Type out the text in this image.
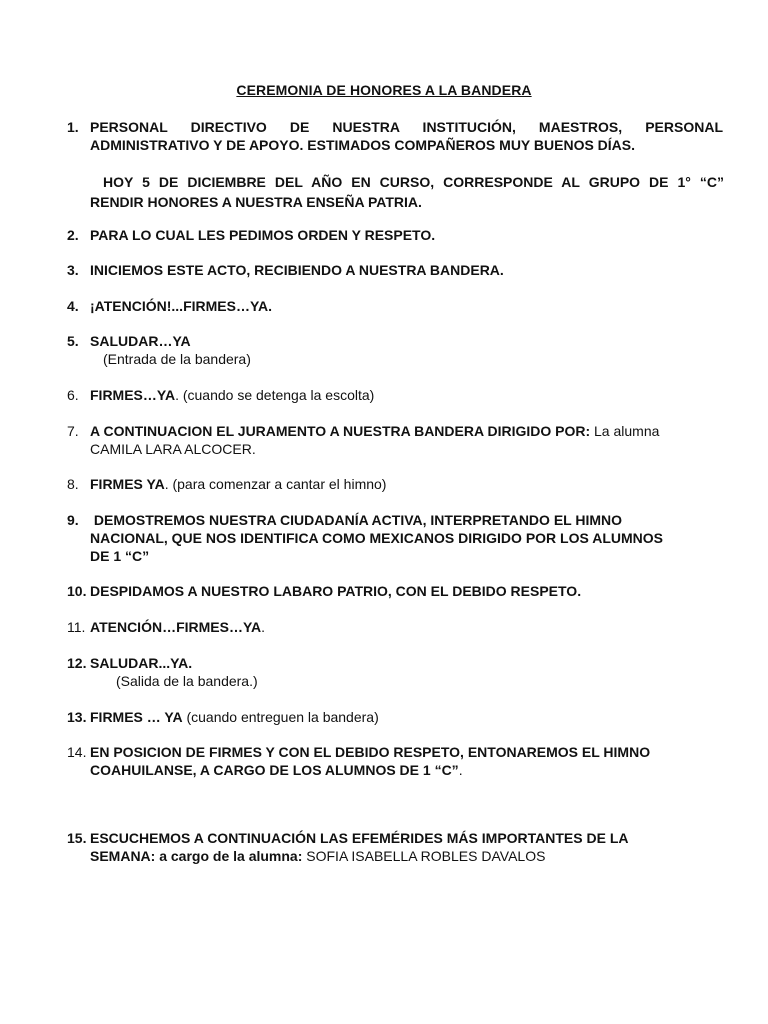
CEREMONIA DE HONORES A LA BANDERA
1. PERSONAL DIRECTIVO DE NUESTRA INSTITUCIÓN, MAESTROS, PERSONAL
ADMINISTRATIVO Y DE APOYO. ESTIMADOS COMPAÑEROS MUY BUENOS DÍAS.
HOY 5 DE DICIEMBRE DEL AÑO EN CURSO, CORRESPONDE AL GRUPO DE 1° “C”
RENDIR HONORES A NUESTRA ENSEÑA PATRIA.
2. PARA LO CUAL LES PEDIMOS ORDEN Y RESPETO.
3. INICIEMOS ESTE ACTO, RECIBIENDO A NUESTRA BANDERA.
4. ¡ATENCIÓN!...FIRMES…YA.
5. SALUDAR…YA
(Entrada de la bandera)
6. FIRMES…YA. (cuando se detenga la escolta)
7. A CONTINUACION EL JURAMENTO A NUESTRA BANDERA DIRIGIDO POR: La alumna
CAMILA LARA ALCOCER.
8. FIRMES YA. (para comenzar a cantar el himno)
9. DEMOSTREMOS NUESTRA CIUDADANÍA ACTIVA, INTERPRETANDO EL HIMNO
NACIONAL, QUE NOS IDENTIFICA COMO MEXICANOS DIRIGIDO POR LOS ALUMNOS
DE 1 “C”
10. DESPIDAMOS A NUESTRO LABARO PATRIO, CON EL DEBIDO RESPETO.
11. ATENCIÓN…FIRMES…YA.
12. SALUDAR...YA.
(Salida de la bandera.)
13. FIRMES … YA (cuando entreguen la bandera)
14. EN POSICION DE FIRMES Y CON EL DEBIDO RESPETO, ENTONAREMOS EL HIMNO
COAHUILANSE, A CARGO DE LOS ALUMNOS DE 1 “C”.
15. ESCUCHEMOS A CONTINUACIÓN LAS EFEMÉRIDES MÁS IMPORTANTES DE LA
SEMANA: a cargo de la alumna: SOFIA ISABELLA ROBLES DAVALOS
